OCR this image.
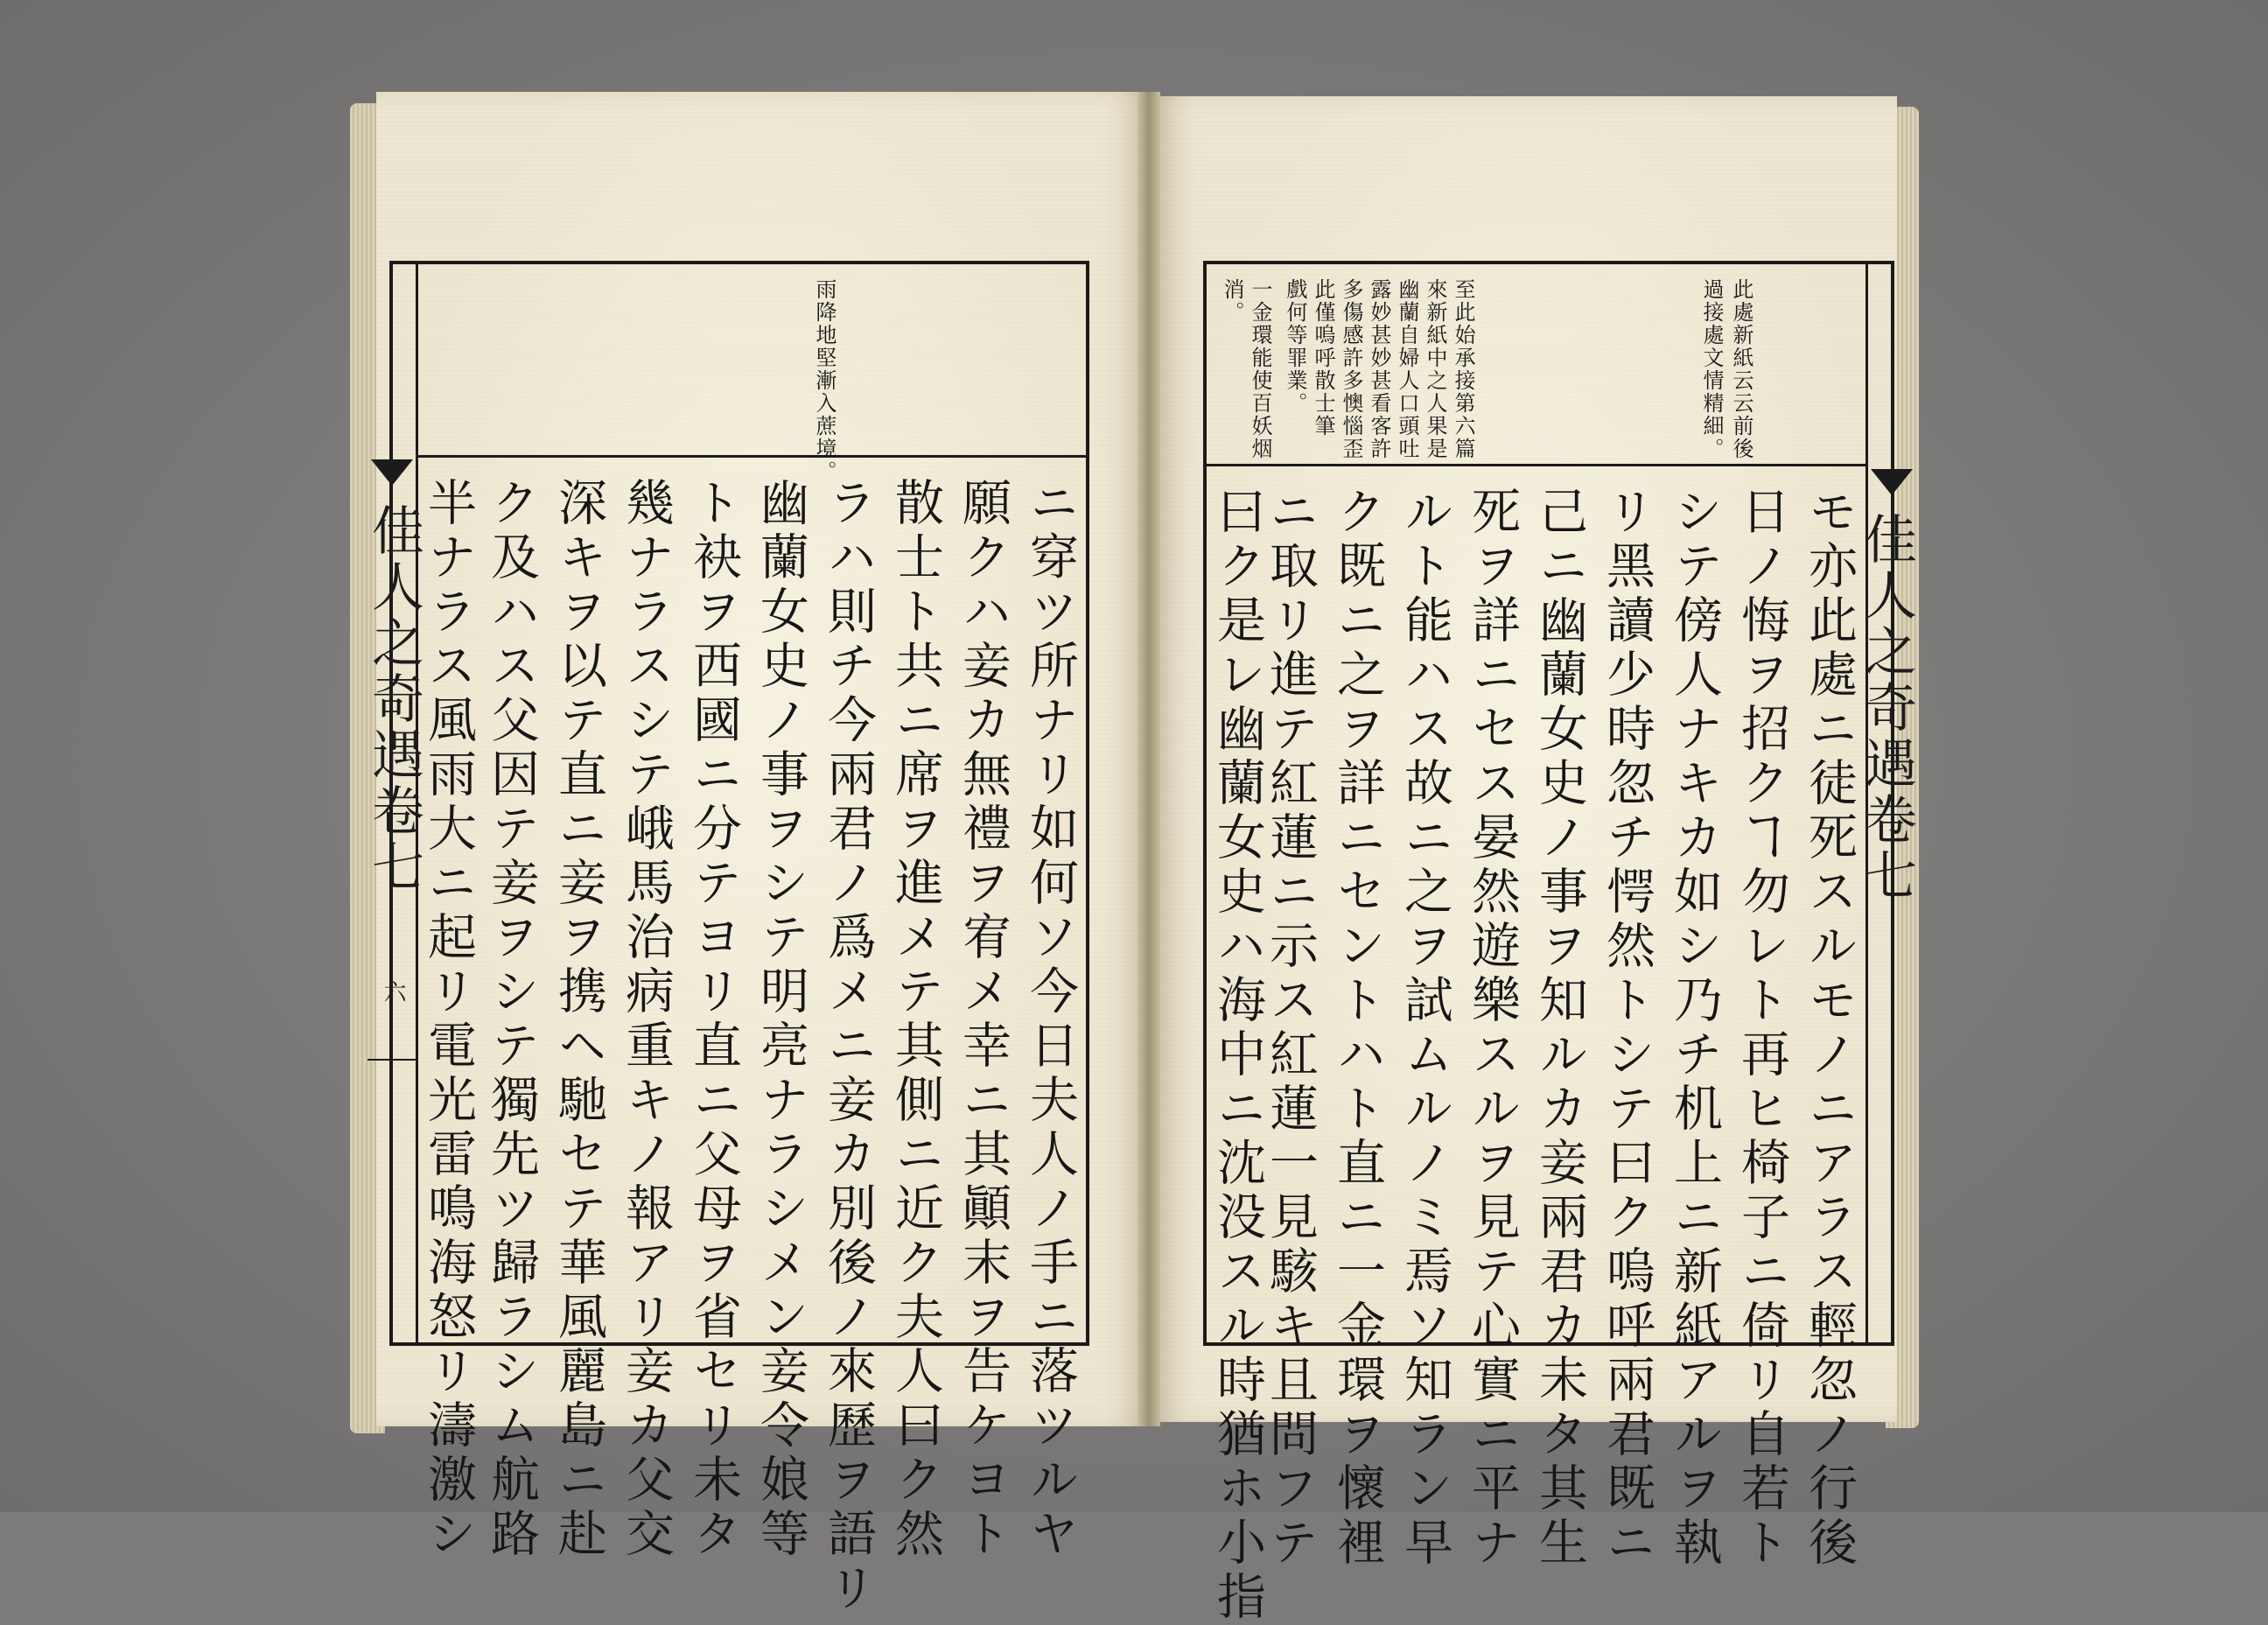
佳人之奇遇卷七
六
雨降地堅漸入蔗境。
ニ穿ツ所ナリ如何ソ今日夫人ノ手ニ落ツルヤ
願クハ妾カ無禮ヲ宥メ幸ニ其顚末ヲ告ケヨト
散士ト共ニ席ヲ進メテ其側ニ近ク夫人曰ク然
ラハ則チ今兩君ノ爲メニ妾カ別後ノ來歷ヲ語リ
幽蘭女史ノ事ヲシテ明亮ナラシメン妾令娘等
ト袂ヲ西國ニ分テヨリ直ニ父母ヲ省セリ未タ
幾ナラスシテ峨馬治病重キノ報アリ妾カ父交
深キヲ以テ直ニ妾ヲ携ヘ馳セテ華風麗島ニ赴
ク及ハス父因テ妾ヲシテ獨先ツ歸ラシム航路
半ナラス風雨大ニ起リ電光雷鳴海怒リ濤激シ	佳人之奇遇卷七
此處新紙云云前後
過接處文情精細。
至此始承接第六篇
來新紙中之人果是
幽蘭自婦人口頭吐
露妙甚妙甚看客許
多傷感許多懊惱歪
此僅嗚呼散士筆
戲何等罪業。
一金環能使百妖烟
消。
モ亦此處ニ徒死スルモノニアラス輕忽ノ行後
日ノ悔ヲ招クヿ勿レト再ヒ椅子ニ倚リ自若ト
シテ傍人ナキカ如シ乃チ机上ニ新紙アルヲ執
リ黑讀少時忽チ愕然トシテ曰ク嗚呼兩君既ニ
己ニ幽蘭女史ノ事ヲ知ルカ妾兩君カ未タ其生
死ヲ詳ニセス晏然遊樂スルヲ見テ心實ニ平ナ
ルト能ハス故ニ之ヲ試ムルノミ焉ソ知ラン早
ク既ニ之ヲ詳ニセントハト直ニ一金環ヲ懷裡
ニ取リ進テ紅蓮ニ示ス紅蓮一見駭キ且問フテ
曰ク是レ幽蘭女史ハ海中ニ沈没スル時猶ホ小指
